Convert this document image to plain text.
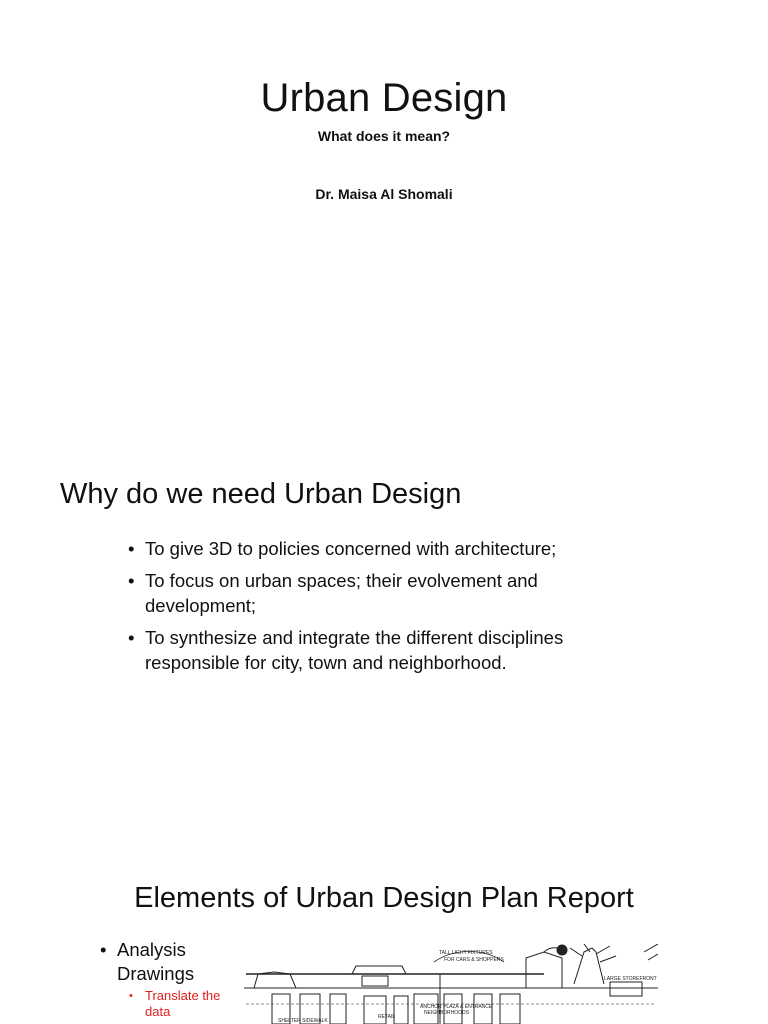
Urban Design
What does it mean?
Dr. Maisa Al Shomali
Why do we need Urban Design
• To give 3D to policies concerned with architecture;
• To focus on urban spaces; their evolvement and development;
• To synthesize and integrate the different disciplines responsible for city, town and neighborhood.
Elements of Urban Design Plan Report
• Analysis Drawings
• Translate the data
TALL LIGHT FIXTURES
FOR CARS & SHOPPERS
LARGE STOREFRONT
SHELTER SIDEWALK
RETAIL
ANCHOR PLAZA & ENTRANCE
NEIGHBORHOODS
